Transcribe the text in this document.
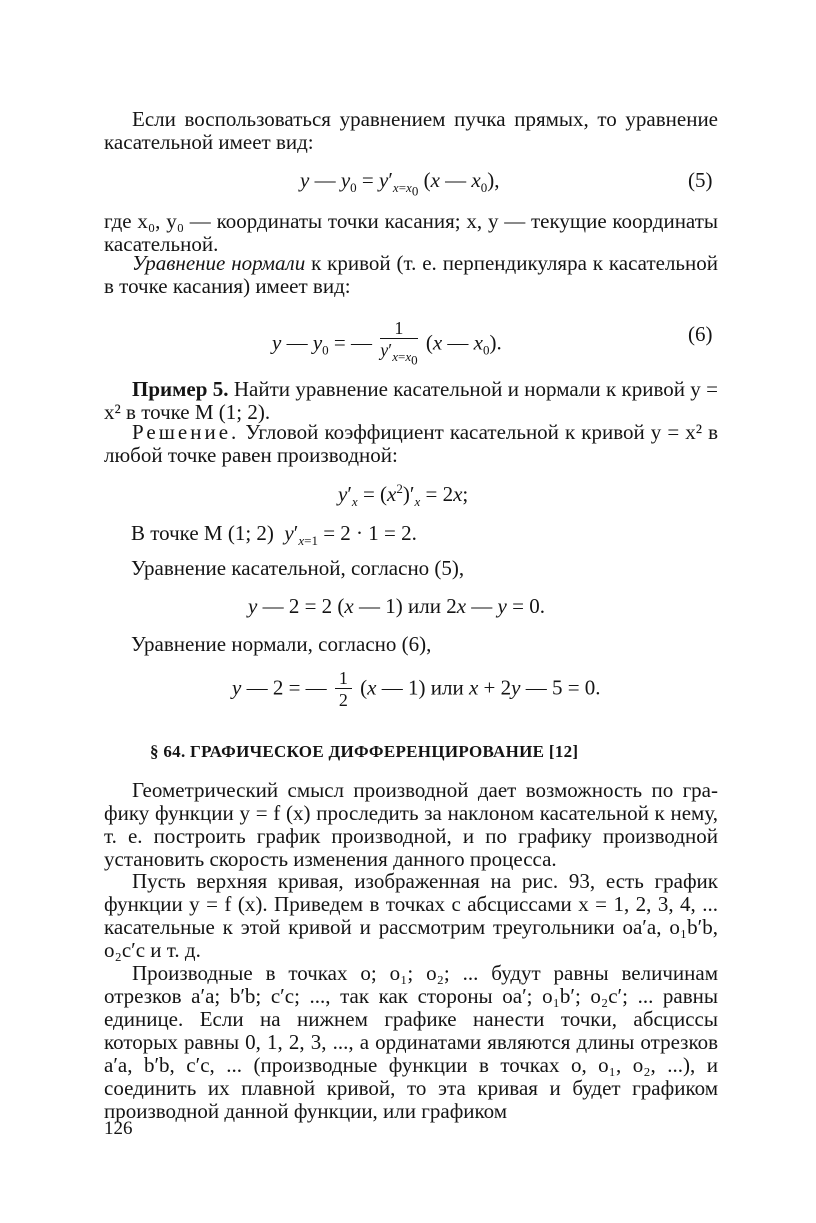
Если воспользоваться уравнением пучка прямых, то уравнение касательной имеет вид:

y — $y_0 = y'_{x=x_0}$ (x — $x_0$),	(5)

где x₀, y₀ — координаты точки касания; x, y — текущие координаты касательной.

Уравнение нормали к кривой (т. е. перпендикуляра к касательной в точке касания) имеет вид:

y — $y_0$ = — $\frac{1}{y'_{x=x_0}} (x$ — $x_0$).	(6)

Пример 5. Найти уравнение касательной и нормали к кривой y = x² в точке M (1; 2).

Решение. Угловой коэффициент касательной к кривой y = x² в любой точке равен производной:

$y'_x = (x^2)'_x = 2x$;
В точке M (1; 2) $y'_{x=1} = 2 \cdot 1 = 2$.
Уравнение касательной, согласно (5),
y — 2 = 2 (x — 1) или 2x — y = 0.
Уравнение нормали, согласно (6),
y — 2 = — $\frac{1}{2} (x$ — 1) или x + 2y — 5 = 0.
§ 64. ГРАФИЧЕСКОЕ ДИФФЕРЕНЦИРОВАНИЕ [12]

Геометрический смысл производной дает возможность по графику функции y = f (x) проследить за наклоном касательной к нему, т. е. построить график производной, и по графику производной установить скорость изменения данного процесса.

Пусть верхняя кривая, изображенная на рис. 93, есть график функции y = f (x). Приведем в точках с абсциссами x = 1, 2, 3, 4, ... касательные к этой кривой и рассмотрим треугольники oa′a, o₁b′b, o₂c′c и т. д.

Производные в точках o; o₁; o₂; ... будут равны величинам отрезков a′a; b′b; c′c; ..., так как стороны oa′; o₁b′; o₂c′; ... равны единице. Если на нижнем графике нанести точки, абсциссы которых равны 0, 1, 2, 3, ..., а ординатами являются длины отрезков a′a, b′b, c′c, ... (производные функции в точках o, o₁, o₂, ...), и соединить их плавной кривой, то эта кривая и будет графиком производной данной функции, или графиком

126
